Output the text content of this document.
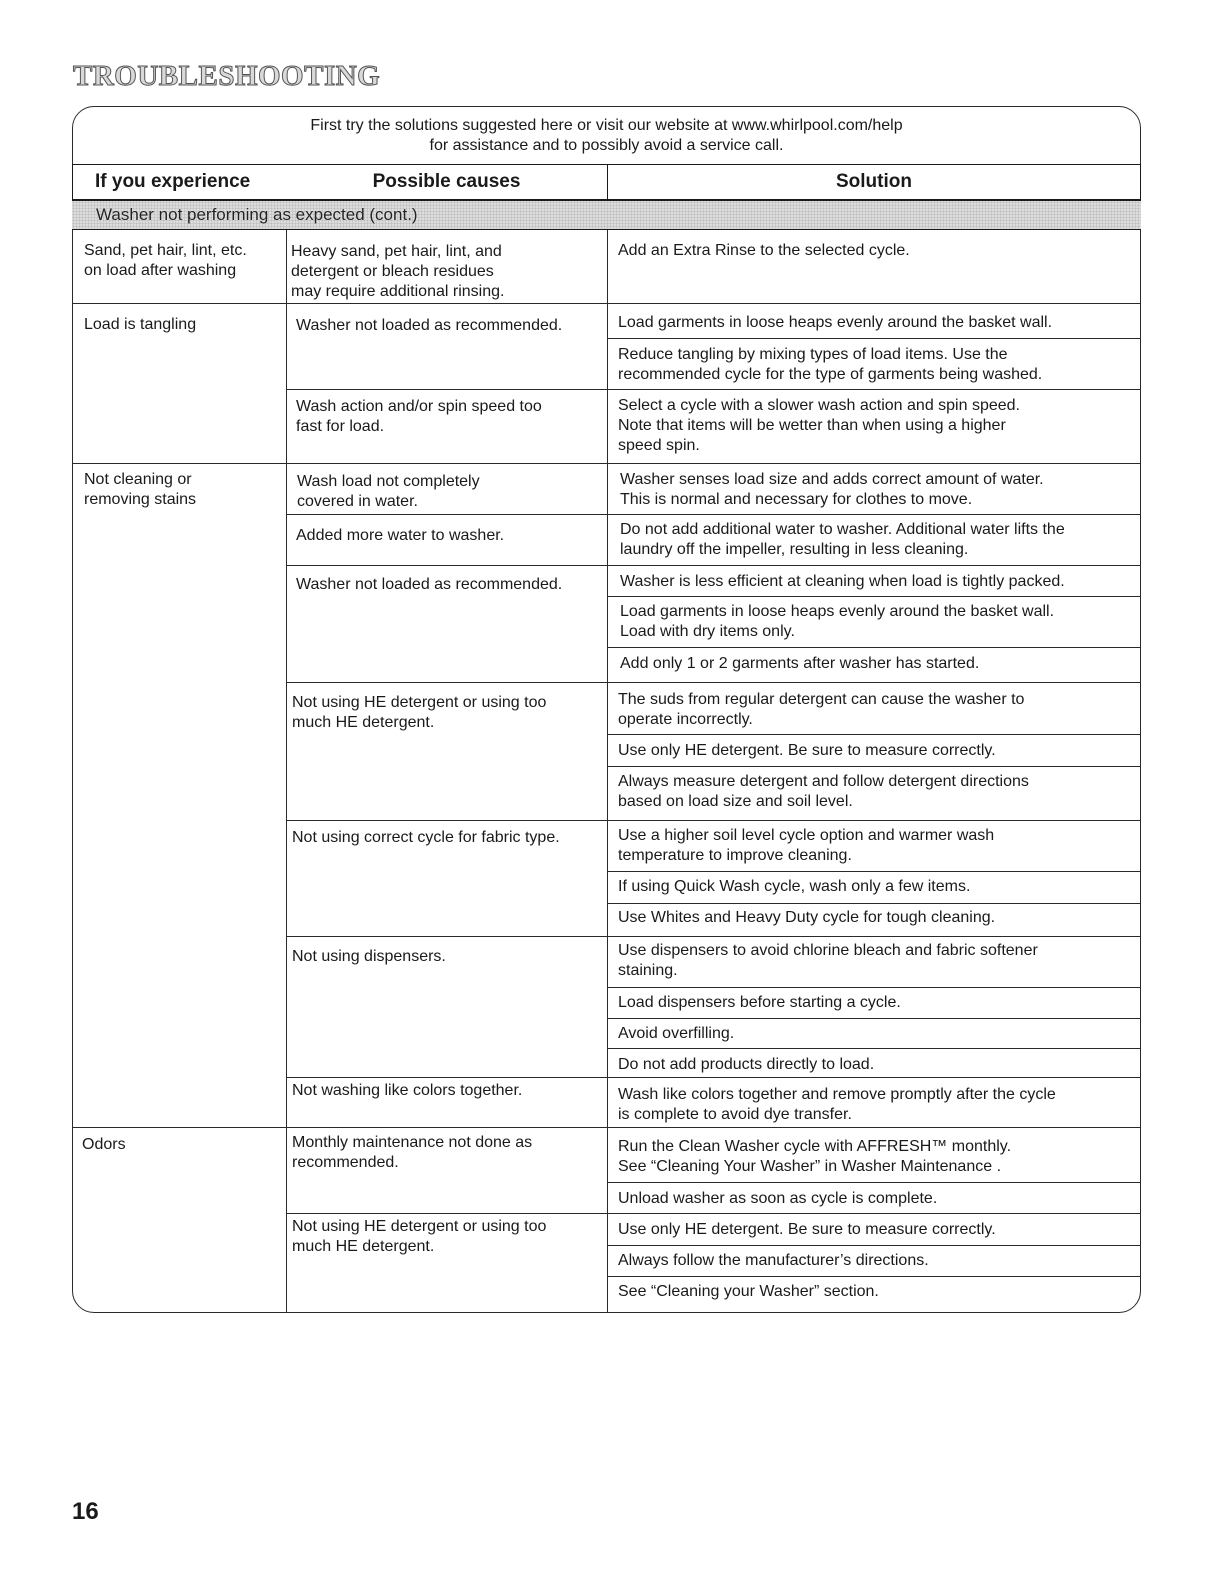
TROUBLESHOOTING
First try the solutions suggested here or visit our website at www.whirlpool.com/help
for assistance and to possibly avoid a service call.
If you experience	Possible causes	Solution
Washer not performing as expected (cont.)
Sand, pet hair, lint, etc.
on load after washing
Load is tangling
Not cleaning or
removing stains
Odors
Heavy sand, pet hair, lint, and
detergent or bleach residues
may require additional rinsing.
Washer not loaded as recommended.
Wash action and/or spin speed too
fast for load.
Wash load not completely
covered in water.
Added more water to washer.
Washer not loaded as recommended.
Not using HE detergent or using too
much HE detergent.
Not using correct cycle for fabric type.
Not using dispensers.
Not washing like colors together.
Monthly maintenance not done as
recommended.
Not using HE detergent or using too
much HE detergent.
Add an Extra Rinse to the selected cycle.
Load garments in loose heaps evenly around the basket wall.
Reduce tangling by mixing types of load items. Use the
recommended cycle for the type of garments being washed.
Select a cycle with a slower wash action and spin speed.
Note that items will be wetter than when using a higher
speed spin.
Washer senses load size and adds correct amount of water.
This is normal and necessary for clothes to move.
Do not add additional water to washer. Additional water lifts the
laundry off the impeller, resulting in less cleaning.
Washer is less efficient at cleaning when load is tightly packed.
Load garments in loose heaps evenly around the basket wall.
Load with dry items only.
Add only 1 or 2 garments after washer has started.
The suds from regular detergent can cause the washer to
operate incorrectly.
Use only HE detergent. Be sure to measure correctly.
Always measure detergent and follow detergent directions
based on load size and soil level.
Use a higher soil level cycle option and warmer wash
temperature to improve cleaning.
If using Quick Wash cycle, wash only a few items.
Use Whites and Heavy Duty cycle for tough cleaning.
Use dispensers to avoid chlorine bleach and fabric softener
staining.
Load dispensers before starting a cycle.
Avoid overfilling.
Do not add products directly to load.
Wash like colors together and remove promptly after the cycle
is complete to avoid dye transfer.
Run the Clean Washer cycle with AFFRESH™ monthly.
See “Cleaning Your Washer” in Washer Maintenance .
Unload washer as soon as cycle is complete.
Use only HE detergent. Be sure to measure correctly.
Always follow the manufacturer’s directions.
See “Cleaning your Washer” section.
16
